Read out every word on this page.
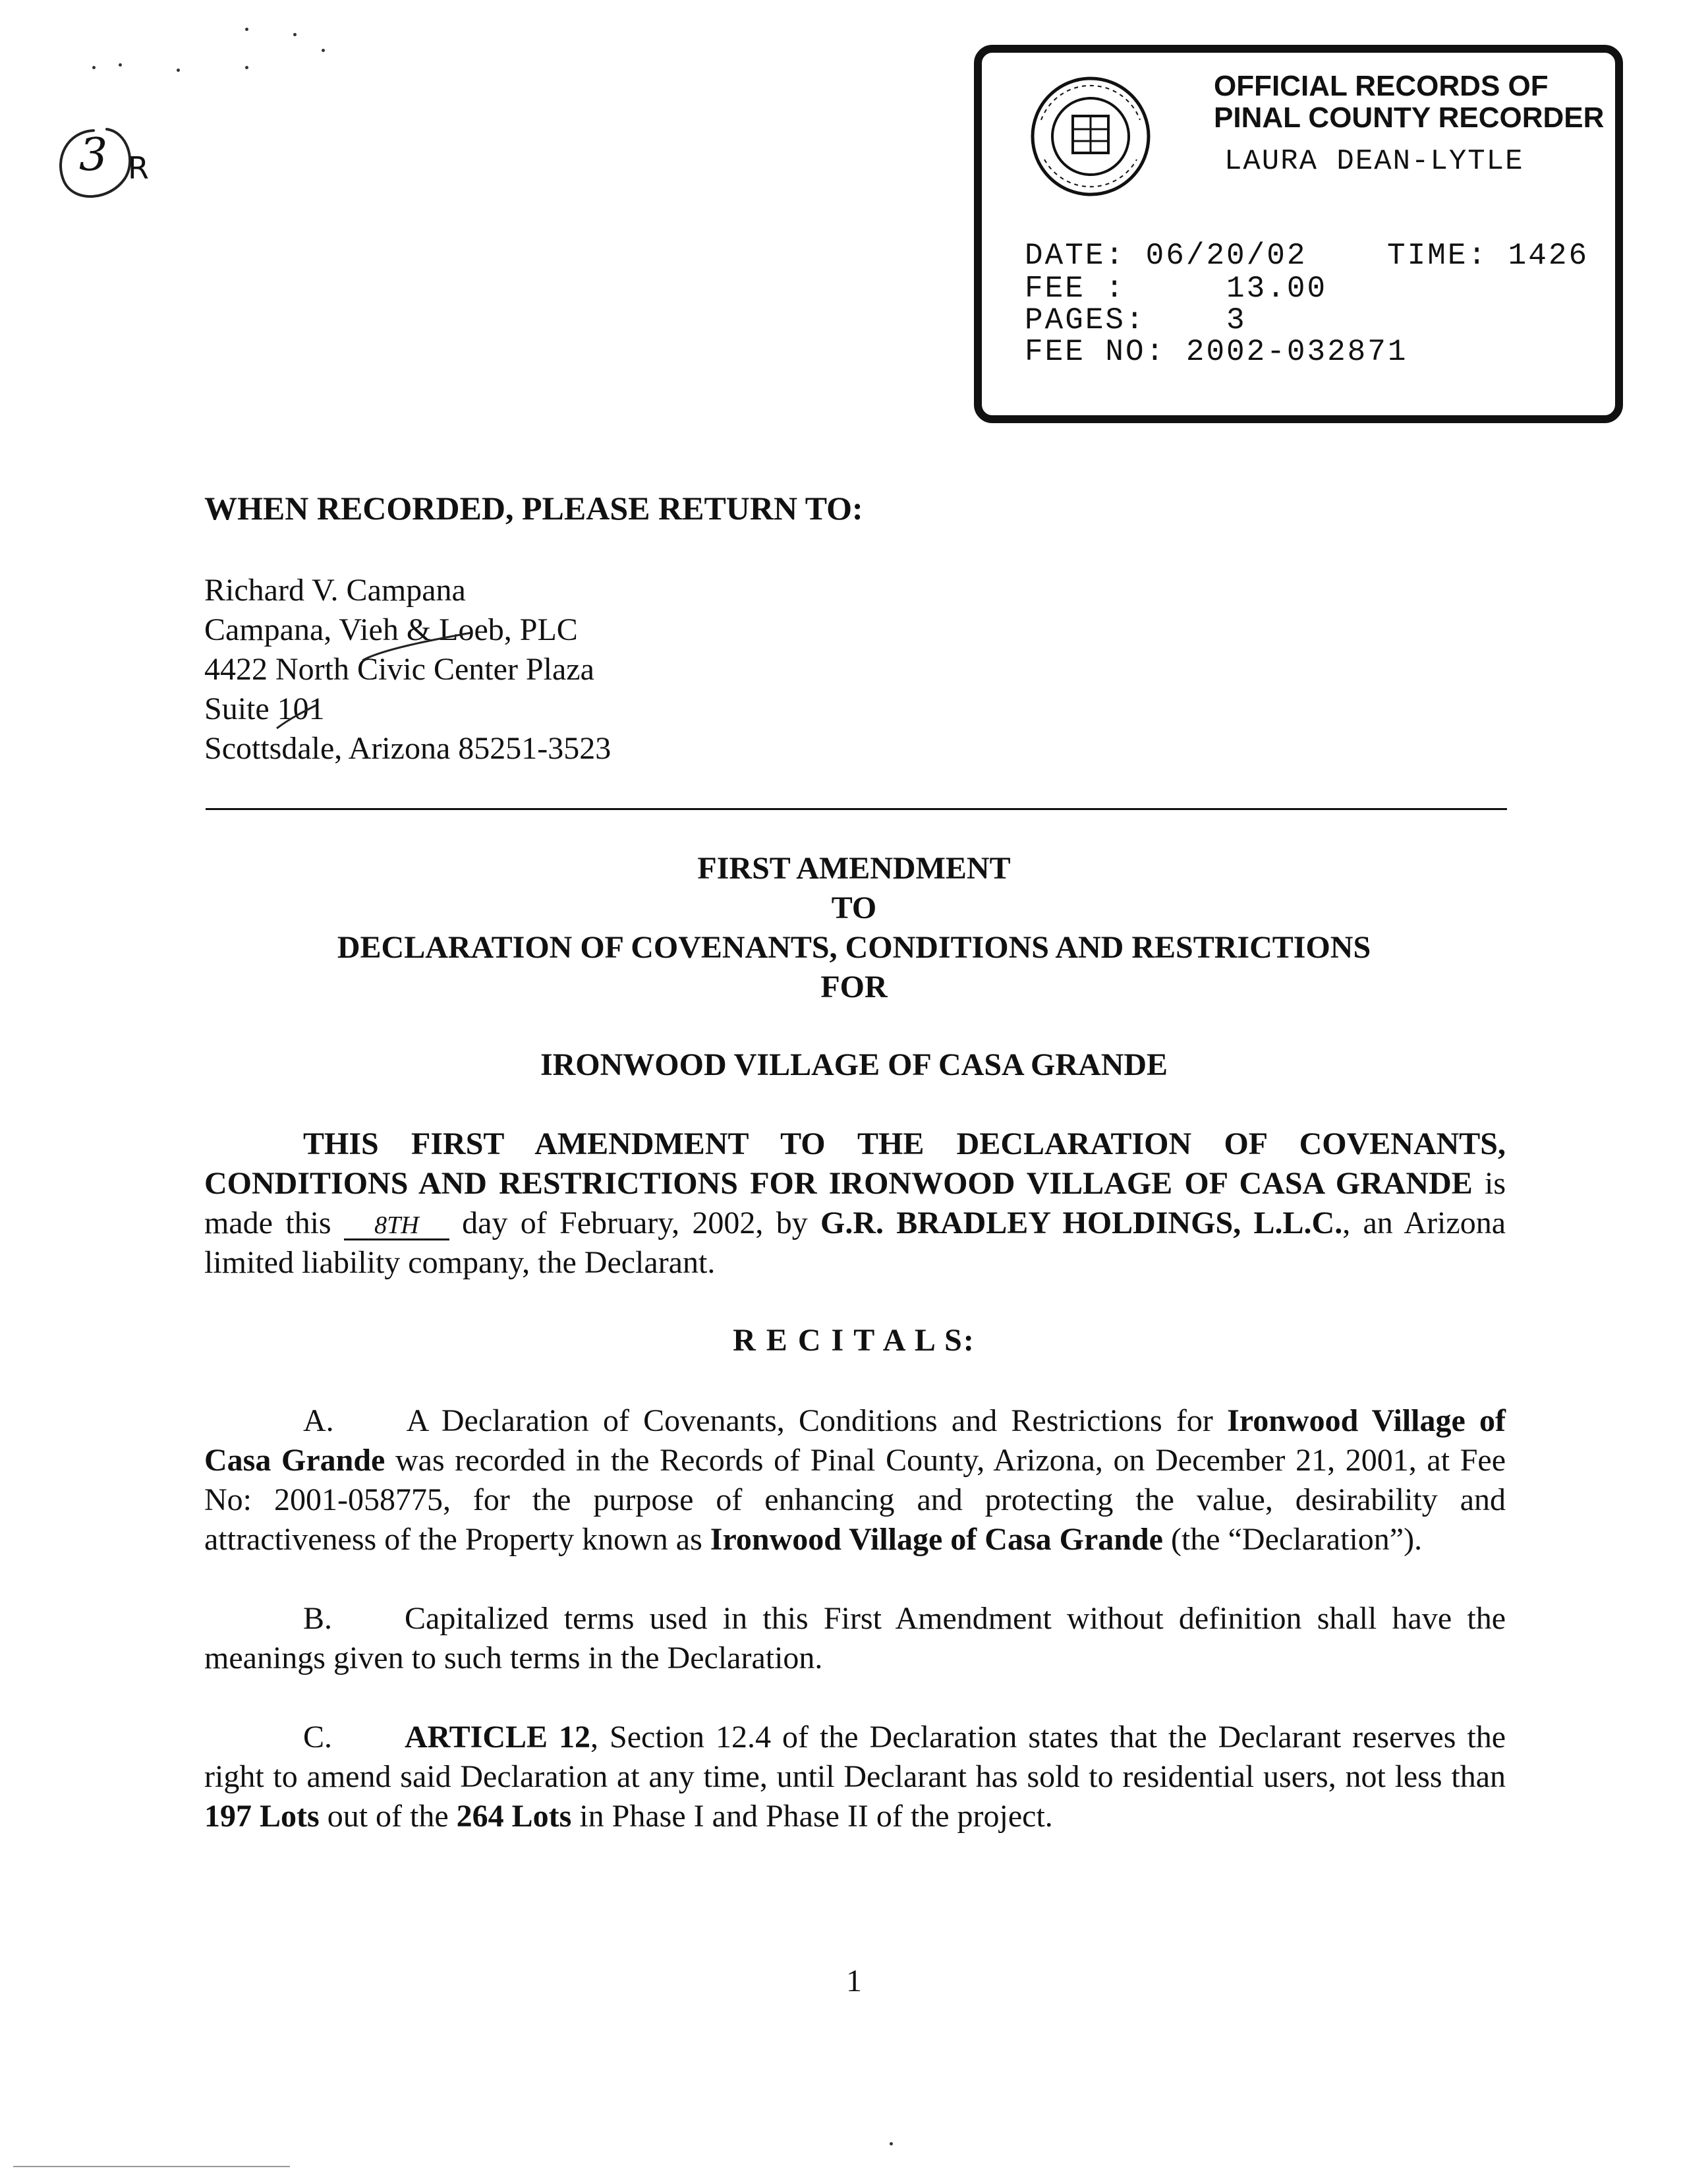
3 R
OFFICIAL RECORDS OF
PINAL COUNTY RECORDER
LAURA DEAN-LYTLE
DATE: 06/20/02	TIME: 1426
FEE :     13.00
PAGES:    3
FEE NO: 2002-032871
WHEN RECORDED, PLEASE RETURN TO:
Richard V. Campana
Campana, Vieh & Loeb, PLC
4422 North Civic Center Plaza
Suite 101
Scottsdale, Arizona 85251-3523
FIRST AMENDMENT
TO
DECLARATION OF COVENANTS, CONDITIONS AND RESTRICTIONS
FOR
IRONWOOD VILLAGE OF CASA GRANDE
THIS FIRST AMENDMENT TO THE DECLARATION OF COVENANTS, CONDITIONS AND RESTRICTIONS FOR IRONWOOD VILLAGE OF CASA GRANDE is made this 8TH day of February, 2002, by G.R. BRADLEY HOLDINGS, L.L.C., an Arizona limited liability company, the Declarant.
R E C I T A L S:
A. A Declaration of Covenants, Conditions and Restrictions for Ironwood Village of Casa Grande was recorded in the Records of Pinal County, Arizona, on December 21, 2001, at Fee No: 2001-058775, for the purpose of enhancing and protecting the value, desirability and attractiveness of the Property known as Ironwood Village of Casa Grande (the “Declaration”).
B. Capitalized terms used in this First Amendment without definition shall have the meanings given to such terms in the Declaration.
C. ARTICLE 12, Section 12.4 of the Declaration states that the Declarant reserves the right to amend said Declaration at any time, until Declarant has sold to residential users, not less than 197 Lots out of the 264 Lots in Phase I and Phase II of the project.
1
